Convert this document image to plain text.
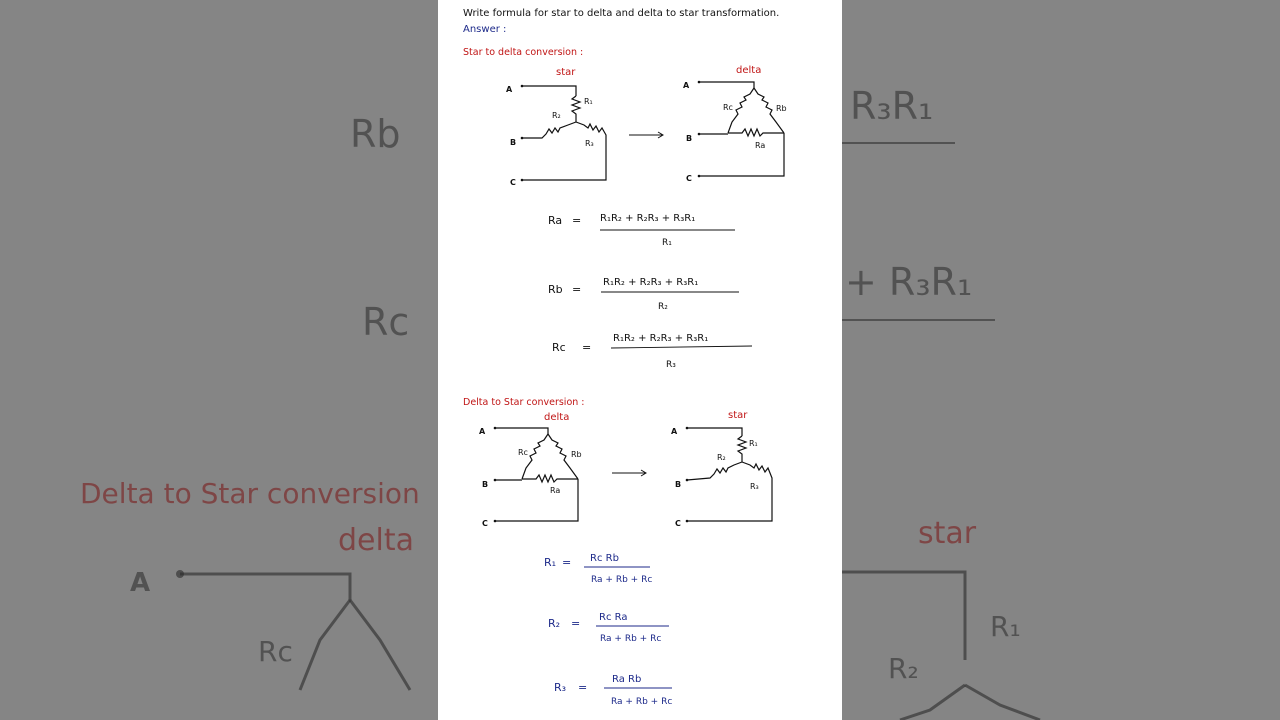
R₃R₁
Rb
+ R₃R₁
Rc
Delta to Star conversion
delta	star
A
Rc
R₁
R₂
Write formula for star to delta and delta to star transformation.
Answer :
Star to delta conversion :
star
A
B
C
R₁
R₂
R₃
delta
A
B
C
Rc	Rb
Ra
Ra = R₁R₂ + R₂R₃ + R₃R₁
R₁
Rb =
R₁R₂ + R₂R₃ + R₃R₁
R₂
Rc =
R₁R₂ + R₂R₃ + R₃R₁
R₃
delta
A
B
C
Rc	Rb
Ra
star
A
B
C
R₁
R₂
R₃
R₁ = Rc Rb
Ra + Rb + Rc
R₂ = Rc Ra
Ra + Rb + Rc
R₃ =
Ra Rb
Ra + Rb + Rc
Delta to Star conversion :
